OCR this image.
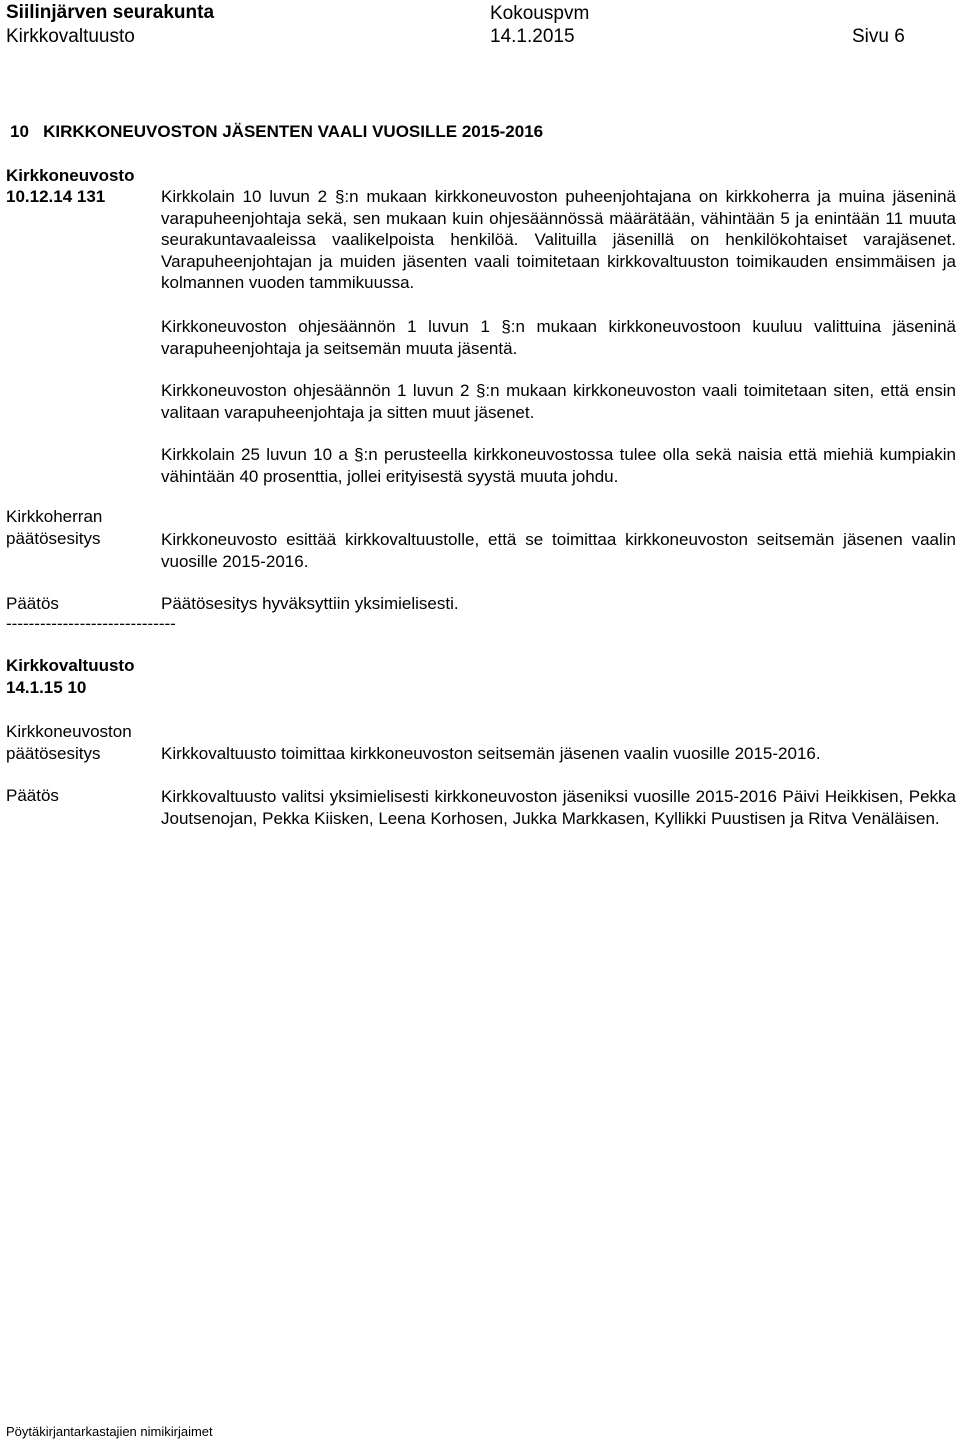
Siilinjärven seurakunta	Kokouspvm
Kirkkovaltuusto	14.1.2015	Sivu 6
10   KIRKKONEUVOSTON JÄSENTEN VAALI VUOSILLE 2015-2016
Kirkkoneuvosto
10.12.14 131	Kirkkolain 10 luvun 2 §:n mukaan kirkkoneuvoston puheenjohtajana on kirkkoherra ja muina jäseninä varapuheenjohtaja sekä, sen mukaan kuin ohjesäännössä määrätään, vähintään 5 ja enintään 11 muuta seurakuntavaaleissa vaalikelpoista henkilöä. Valituilla jäsenillä on henkilökohtaiset varajäsenet. Varapuheenjohtajan ja muiden jäsenten vaali toimitetaan kirkkovaltuuston toimikauden ensimmäisen ja kolmannen vuoden tammikuussa.
Kirkkoneuvoston ohjesäännön 1 luvun 1 §:n mukaan kirkkoneuvostoon kuuluu valittuina jäseninä varapuheenjohtaja ja seitsemän muuta jäsentä.
Kirkkoneuvoston ohjesäännön 1 luvun 2 §:n mukaan kirkkoneuvoston vaali toimitetaan siten, että ensin valitaan varapuheenjohtaja ja sitten muut jäsenet.
Kirkkolain 25 luvun 10 a §:n perusteella kirkkoneuvostossa tulee olla sekä naisia että miehiä kumpiakin vähintään 40 prosenttia, jollei erityisestä syystä muuta johdu.
Kirkkoherran
päätösesitys	Kirkkoneuvosto esittää kirkkovaltuustolle, että se toimittaa kirkkoneuvoston seitsemän jäsenen vaalin vuosille 2015-2016.
Päätös	Päätösesitys hyväksyttiin yksimielisesti.
------------------------------
Kirkkovaltuusto
14.1.15 10
Kirkkoneuvoston
päätösesitys	Kirkkovaltuusto toimittaa kirkkoneuvoston seitsemän jäsenen vaalin vuosille 2015-2016.
Päätös	Kirkkovaltuusto valitsi yksimielisesti kirkkoneuvoston jäseniksi vuosille 2015-2016 Päivi Heikkisen, Pekka Joutsenojan, Pekka Kiisken, Leena Korhosen, Jukka Markkasen, Kyllikki Puustisen ja Ritva Venäläisen.
Pöytäkirjantarkastajien nimikirjaimet
